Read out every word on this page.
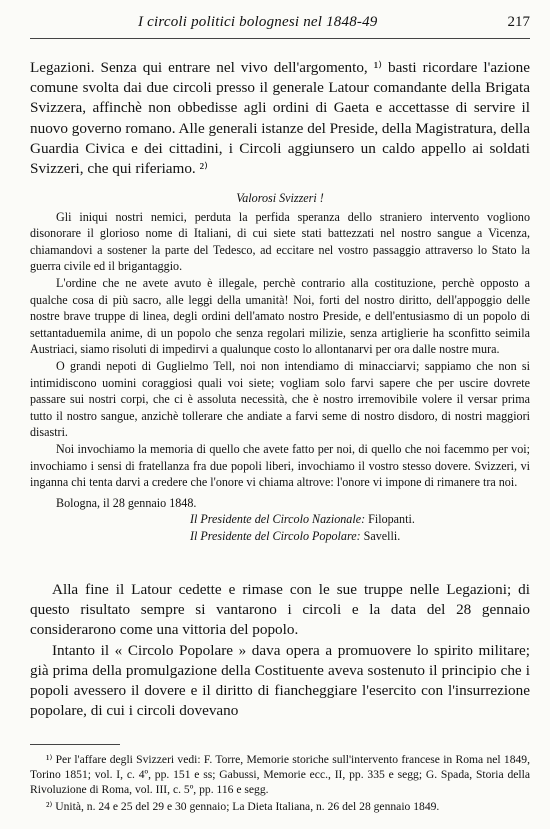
I circoli politici bolognesi nel 1848-49	217

Legazioni. Senza qui entrare nel vivo dell'argomento, ¹⁾ basti ricordare l'azione comune svolta dai due circoli presso il generale Latour comandante della Brigata Svizzera, affinchè non obbedisse agli ordini di Gaeta e accettasse di servire il nuovo governo romano. Alle generali istanze del Preside, della Magistratura, della Guardia Civica e dei cittadini, i Circoli aggiunsero un caldo appello ai soldati Svizzeri, che qui riferiamo. ²⁾

Valorosi Svizzeri !

Gli iniqui nostri nemici, perduta la perfida speranza dello straniero intervento vogliono disonorare il glorioso nome di Italiani, di cui siete stati battezzati nel nostro sangue a Vicenza, chiamandovi a sostener la parte del Tedesco, ad eccitare nel vostro passaggio attraverso lo Stato la guerra civile ed il brigantaggio.

L'ordine che ne avete avuto è illegale, perchè contrario alla costituzione, perchè opposto a qualche cosa di più sacro, alle leggi della umanità! Noi, forti del nostro diritto, dell'appoggio delle nostre brave truppe di linea, degli ordini dell'amato nostro Preside, e dell'entusiasmo di un popolo di settantaduemila anime, di un popolo che senza regolari milizie, senza artiglierie ha sconfitto seimila Austriaci, siamo risoluti di impedirvi a qualunque costo lo allontanarvi per ora dalle nostre mura.

O grandi nepoti di Guglielmo Tell, noi non intendiamo di minacciarvi; sappiamo che non si intimidiscono uomini coraggiosi quali voi siete; vogliam solo farvi sapere che per uscire dovrete passare sui nostri corpi, che ci è assoluta necessità, che è nostro irremovibile volere il versar prima tutto il nostro sangue, anzichè tollerare che andiate a farvi seme di nostro disdoro, di nostri maggiori disastri.

Noi invochiamo la memoria di quello che avete fatto per noi, di quello che noi facemmo per voi; invochiamo i sensi di fratellanza fra due popoli liberi, invochiamo il vostro stesso dovere. Svizzeri, vi inganna chi tenta darvi a credere che l'onore vi chiama altrove: l'onore vi impone di rimanere tra noi.

Bologna, il 28 gennaio 1848.

Il Presidente del Circolo Nazionale: Filopanti.

Il Presidente del Circolo Popolare: Savelli.

Alla fine il Latour cedette e rimase con le sue truppe nelle Legazioni; di questo risultato sempre si vantarono i circoli e la data del 28 gennaio considerarono come una vittoria del popolo.

Intanto il « Circolo Popolare » dava opera a promuovere lo spirito militare; già prima della promulgazione della Costituente aveva sostenuto il principio che i popoli avessero il dovere e il diritto di fiancheggiare l'esercito con l'insurrezione popolare, di cui i circoli dovevano

¹⁾ Per l'affare degli Svizzeri vedi: F. Torre, Memorie storiche sull'intervento francese in Roma nel 1849, Torino 1851; vol. I, c. 4º, pp. 151 e ss; Gabussi, Memorie ecc., II, pp. 335 e segg; G. Spada, Storia della Rivoluzione di Roma, vol. III, c. 5º, pp. 116 e segg.

²⁾ Unità, n. 24 e 25 del 29 e 30 gennaio; La Dieta Italiana, n. 26 del 28 gennaio 1849.
